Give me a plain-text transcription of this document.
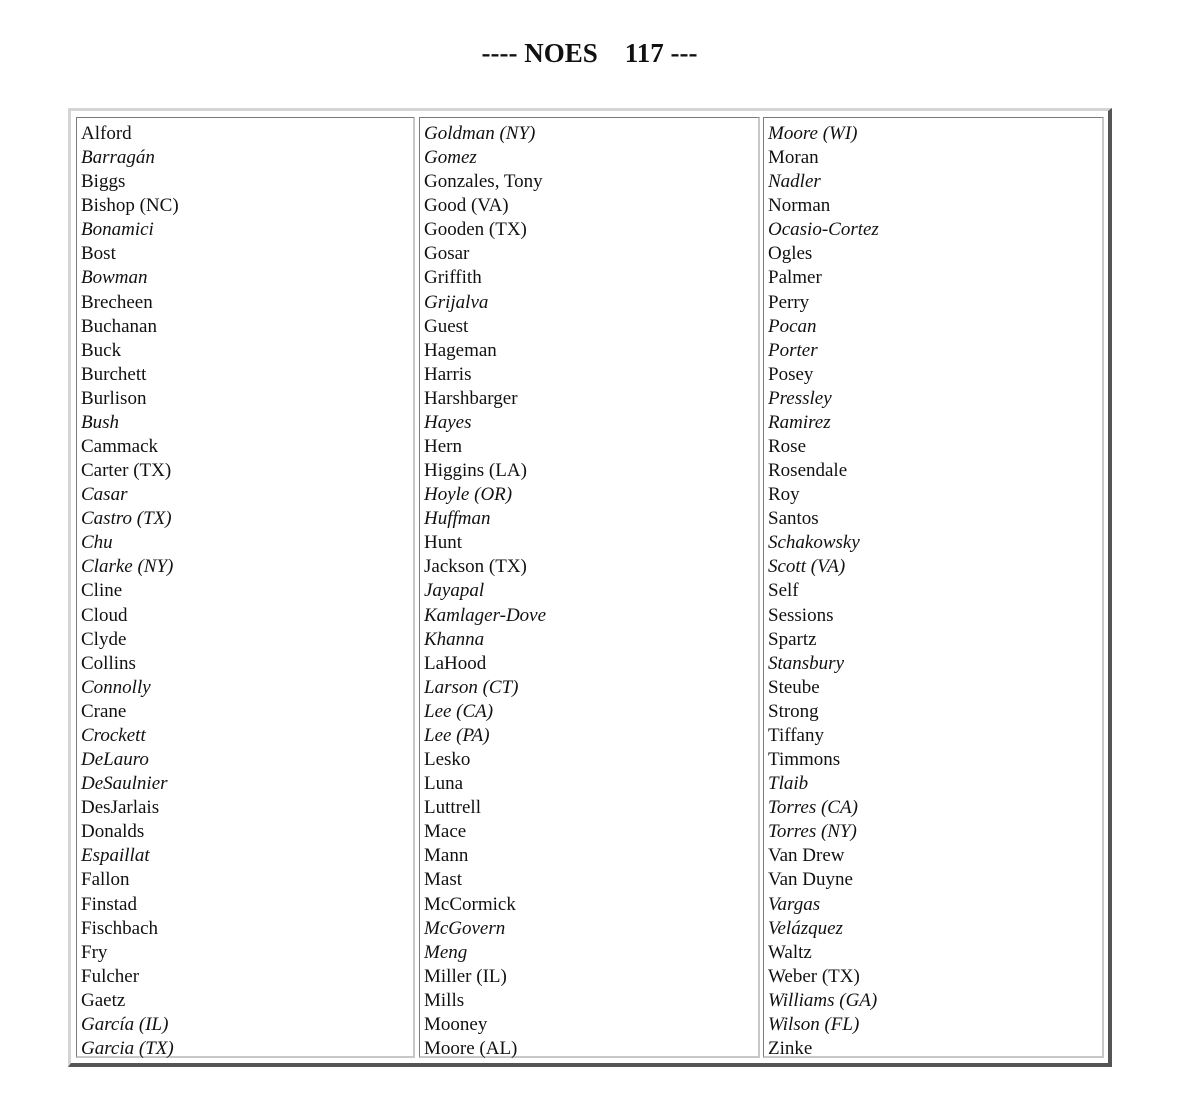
---- NOES    117 ---
Alford
Barragán
Biggs
Bishop (NC)
Bonamici
Bost
Bowman
Brecheen
Buchanan
Buck
Burchett
Burlison
Bush
Cammack
Carter (TX)
Casar
Castro (TX)
Chu
Clarke (NY)
Cline
Cloud
Clyde
Collins
Connolly
Crane
Crockett
DeLauro
DeSaulnier
DesJarlais
Donalds
Espaillat
Fallon
Finstad
Fischbach
Fry
Fulcher
Gaetz
García (IL)
Garcia (TX)
Goldman (NY)
Gomez
Gonzales, Tony
Good (VA)
Gooden (TX)
Gosar
Griffith
Grijalva
Guest
Hageman
Harris
Harshbarger
Hayes
Hern
Higgins (LA)
Hoyle (OR)
Huffman
Hunt
Jackson (TX)
Jayapal
Kamlager-Dove
Khanna
LaHood
Larson (CT)
Lee (CA)
Lee (PA)
Lesko
Luna
Luttrell
Mace
Mann
Mast
McCormick
McGovern
Meng
Miller (IL)
Mills
Mooney
Moore (AL)
Moore (WI)
Moran
Nadler
Norman
Ocasio-Cortez
Ogles
Palmer
Perry
Pocan
Porter
Posey
Pressley
Ramirez
Rose
Rosendale
Roy
Santos
Schakowsky
Scott (VA)
Self
Sessions
Spartz
Stansbury
Steube
Strong
Tiffany
Timmons
Tlaib
Torres (CA)
Torres (NY)
Van Drew
Van Duyne
Vargas
Velázquez
Waltz
Weber (TX)
Williams (GA)
Wilson (FL)
Zinke
